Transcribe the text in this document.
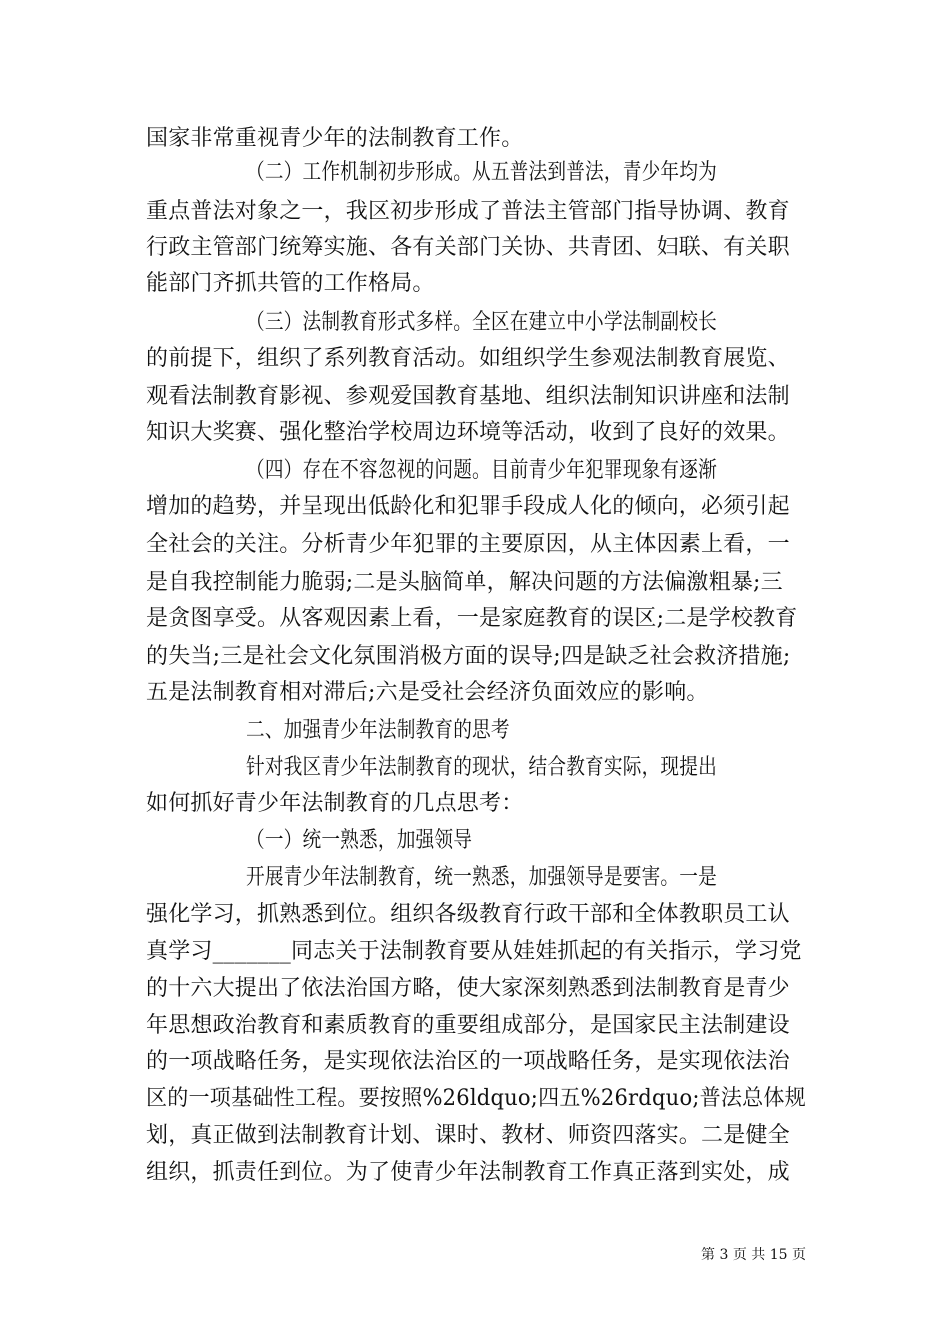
国家非常重视青少年的法制教育工作。
（二）工作机制初步形成。从五普法到普法，青少年均为
重点普法对象之一，我区初步形成了普法主管部门指导协调、教育
行政主管部门统筹实施、各有关部门关协、共青团、妇联、有关职
能部门齐抓共管的工作格局。
（三）法制教育形式多样。全区在建立中小学法制副校长
的前提下，组织了系列教育活动。如组织学生参观法制教育展览、
观看法制教育影视、参观爱国教育基地、组织法制知识讲座和法制
知识大奖赛、强化整治学校周边环境等活动，收到了良好的效果。
（四）存在不容忽视的问题。目前青少年犯罪现象有逐渐
增加的趋势，并呈现出低龄化和犯罪手段成人化的倾向，必须引起
全社会的关注。分析青少年犯罪的主要原因，从主体因素上看，一
是自我控制能力脆弱;二是头脑简单，解决问题的方法偏激粗暴;三
是贪图享受。从客观因素上看，一是家庭教育的误区;二是学校教育
的失当;三是社会文化氛围消极方面的误导;四是缺乏社会救济措施;
五是法制教育相对滞后;六是受社会经济负面效应的影响。
二、加强青少年法制教育的思考
针对我区青少年法制教育的现状，结合教育实际，现提出
如何抓好青少年法制教育的几点思考：
（一）统一熟悉，加强领导
开展青少年法制教育，统一熟悉，加强领导是要害。一是
强化学习，抓熟悉到位。组织各级教育行政干部和全体教职员工认
真学习_______同志关于法制教育要从娃娃抓起的有关指示，学习党
的十六大提出了依法治国方略，使大家深刻熟悉到法制教育是青少
年思想政治教育和素质教育的重要组成部分，是国家民主法制建设
的一项战略任务，是实现依法治区的一项战略任务，是实现依法治
区的一项基础性工程。要按照%26ldquo;四五%26rdquo;普法总体规
划，真正做到法制教育计划、课时、教材、师资四落实。二是健全
组织，抓责任到位。为了使青少年法制教育工作真正落到实处，成
第 3 页 共 15 页
